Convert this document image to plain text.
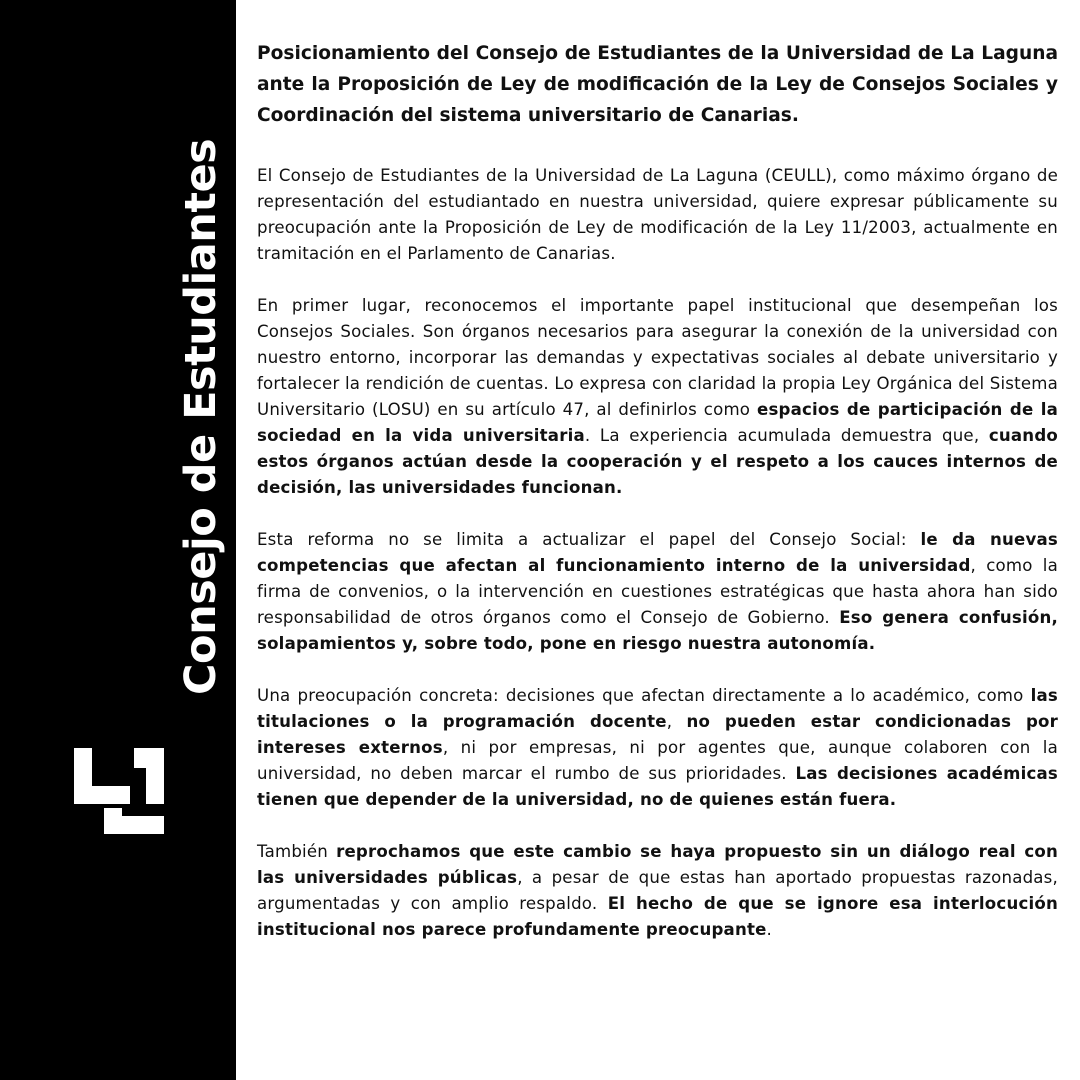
Consejo de Estudiantes Universidad de La Laguna
Posicionamiento del Consejo de Estudiantes de la Universidad de La Laguna ante la Proposición de Ley de modificación de la Ley de Consejos Sociales y Coordinación del sistema universitario de Canarias.
El Consejo de Estudiantes de la Universidad de La Laguna (CEULL), como máximo órgano de representación del estudiantado en nuestra universidad, quiere expresar públicamente su preocupación ante la Proposición de Ley de modificación de la Ley 11/2003, actualmente en tramitación en el Parlamento de Canarias.
En primer lugar, reconocemos el importante papel institucional que desempeñan los Consejos Sociales. Son órganos necesarios para asegurar la conexión de la universidad con nuestro entorno, incorporar las demandas y expectativas sociales al debate universitario y fortalecer la rendición de cuentas. Lo expresa con claridad la propia Ley Orgánica del Sistema Universitario (LOSU) en su artículo 47, al definirlos como espacios de participación de la sociedad en la vida universitaria. La experiencia acumulada demuestra que, cuando estos órganos actúan desde la cooperación y el respeto a los cauces internos de decisión, las universidades funcionan.
Esta reforma no se limita a actualizar el papel del Consejo Social: le da nuevas competencias que afectan al funcionamiento interno de la universidad, como la firma de convenios, o la intervención en cuestiones estratégicas que hasta ahora han sido responsabilidad de otros órganos como el Consejo de Gobierno. Eso genera confusión, solapamientos y, sobre todo, pone en riesgo nuestra autonomía.
Una preocupación concreta: decisiones que afectan directamente a lo académico, como las titulaciones o la programación docente, no pueden estar condicionadas por intereses externos, ni por empresas, ni por agentes que, aunque colaboren con la universidad, no deben marcar el rumbo de sus prioridades. Las decisiones académicas tienen que depender de la universidad, no de quienes están fuera.
También reprochamos que este cambio se haya propuesto sin un diálogo real con las universidades públicas, a pesar de que estas han aportado propuestas razonadas, argumentadas y con amplio respaldo. El hecho de que se ignore esa interlocución institucional nos parece profundamente preocupante.
